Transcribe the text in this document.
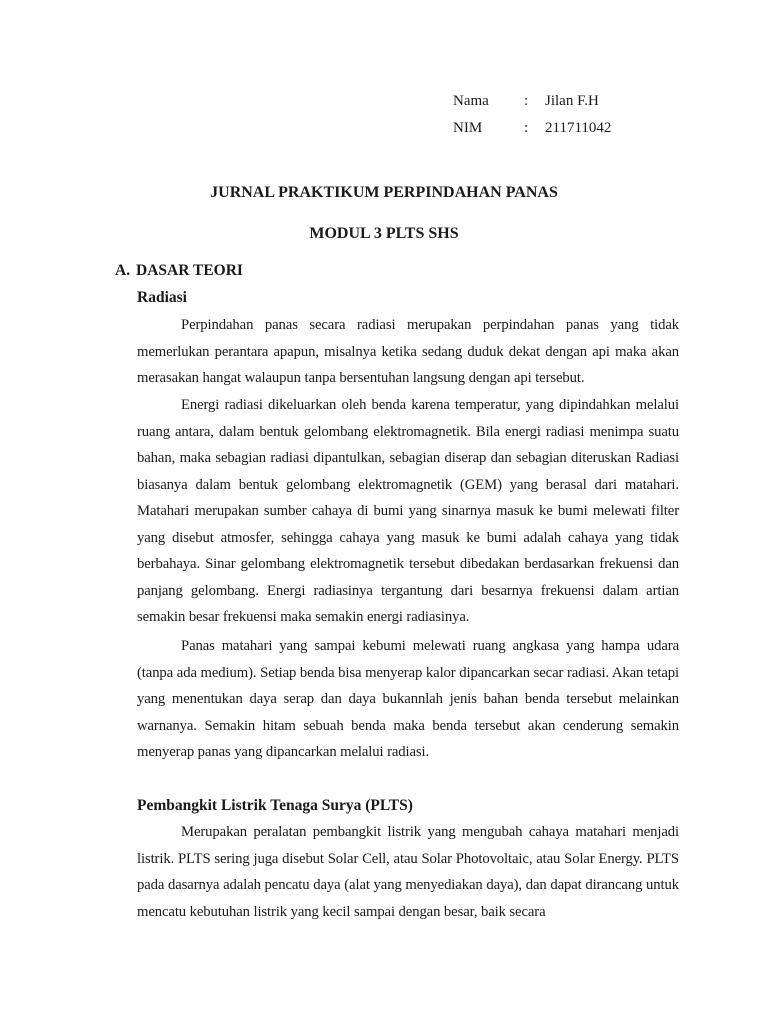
Nama : Jilan F.H
NIM	: 211711042
JURNAL PRAKTIKUM PERPINDAHAN PANAS
MODUL 3 PLTS SHS
A. DASAR TEORI
Radiasi

Perpindahan panas secara radiasi merupakan perpindahan panas yang tidak memerlukan perantara apapun, misalnya ketika sedang duduk dekat dengan api maka akan merasakan hangat walaupun tanpa bersentuhan langsung dengan api tersebut.

Energi radiasi dikeluarkan oleh benda karena temperatur, yang dipindahkan melalui ruang antara, dalam bentuk gelombang elektromagnetik. Bila energi radiasi menimpa suatu bahan, maka sebagian radiasi dipantulkan, sebagian diserap dan sebagian diteruskan Radiasi biasanya dalam bentuk gelombang elektromagnetik (GEM) yang berasal dari matahari. Matahari merupakan sumber cahaya di bumi yang sinarnya masuk ke bumi melewati filter yang disebut atmosfer, sehingga cahaya yang masuk ke bumi adalah cahaya yang tidak berbahaya. Sinar gelombang elektromagnetik tersebut dibedakan berdasarkan frekuensi dan panjang gelombang. Energi radiasinya tergantung dari besarnya frekuensi dalam artian semakin besar frekuensi maka semakin energi radiasinya.

Panas matahari yang sampai kebumi melewati ruang angkasa yang hampa udara (tanpa ada medium). Setiap benda bisa menyerap kalor dipancarkan secar radiasi. Akan tetapi yang menentukan daya serap dan daya bukannlah jenis bahan benda tersebut melainkan warnanya. Semakin hitam sebuah benda maka benda tersebut akan cenderung semakin menyerap panas yang dipancarkan melalui radiasi.

Pembangkit Listrik Tenaga Surya (PLTS)

Merupakan peralatan pembangkit listrik yang mengubah cahaya matahari menjadi listrik. PLTS sering juga disebut Solar Cell, atau Solar Photovoltaic, atau Solar Energy. PLTS pada dasarnya adalah pencatu daya (alat yang menyediakan daya), dan dapat dirancang untuk mencatu kebutuhan listrik yang kecil sampai dengan besar, baik secara
